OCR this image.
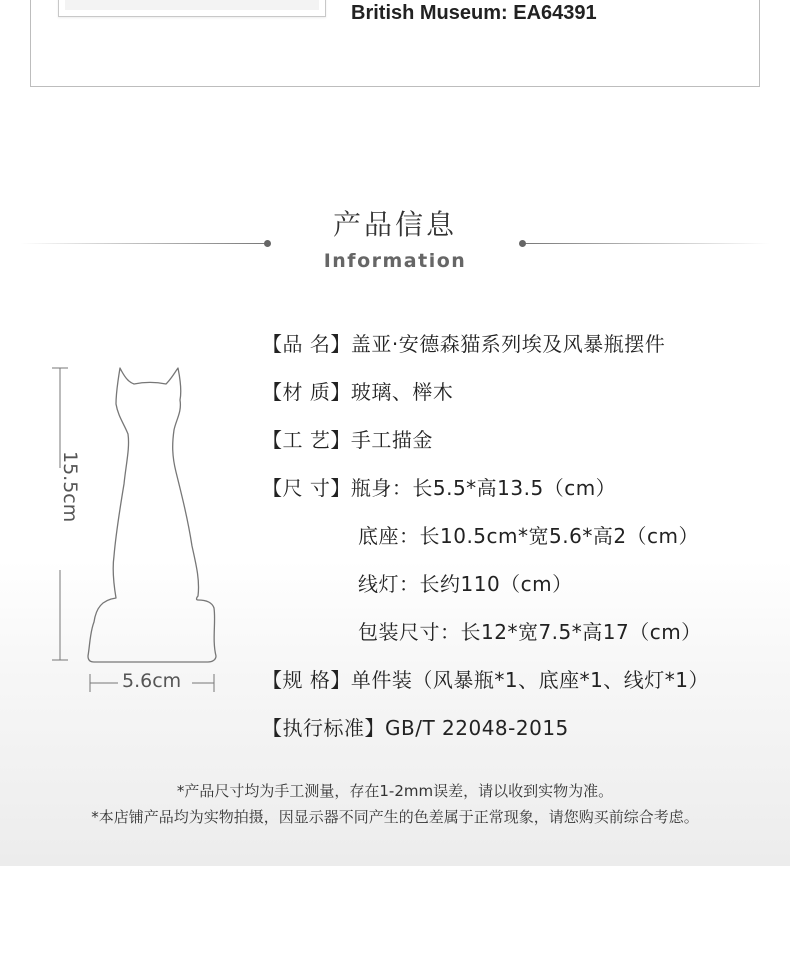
British Museum: EA64391
产品信息
Information
15.5cm
5.6cm
【品 名】盖亚·安德森猫系列埃及风暴瓶摆件
【材 质】玻璃、榉木
【工 艺】手工描金
【尺 寸】瓶身：长5.5*高13.5（cm）
底座：长10.5cm*宽5.6*高2（cm）
线灯：长约110（cm）
包装尺寸：长12*宽7.5*高17（cm）
【规 格】单件装（风暴瓶*1、底座*1、线灯*1）
【执行标准】GB/T 22048-2015
*产品尺寸均为手工测量，存在1-2mm误差，请以收到实物为准。
*本店铺产品均为实物拍摄，因显示器不同产生的色差属于正常现象，请您购买前综合考虑。
